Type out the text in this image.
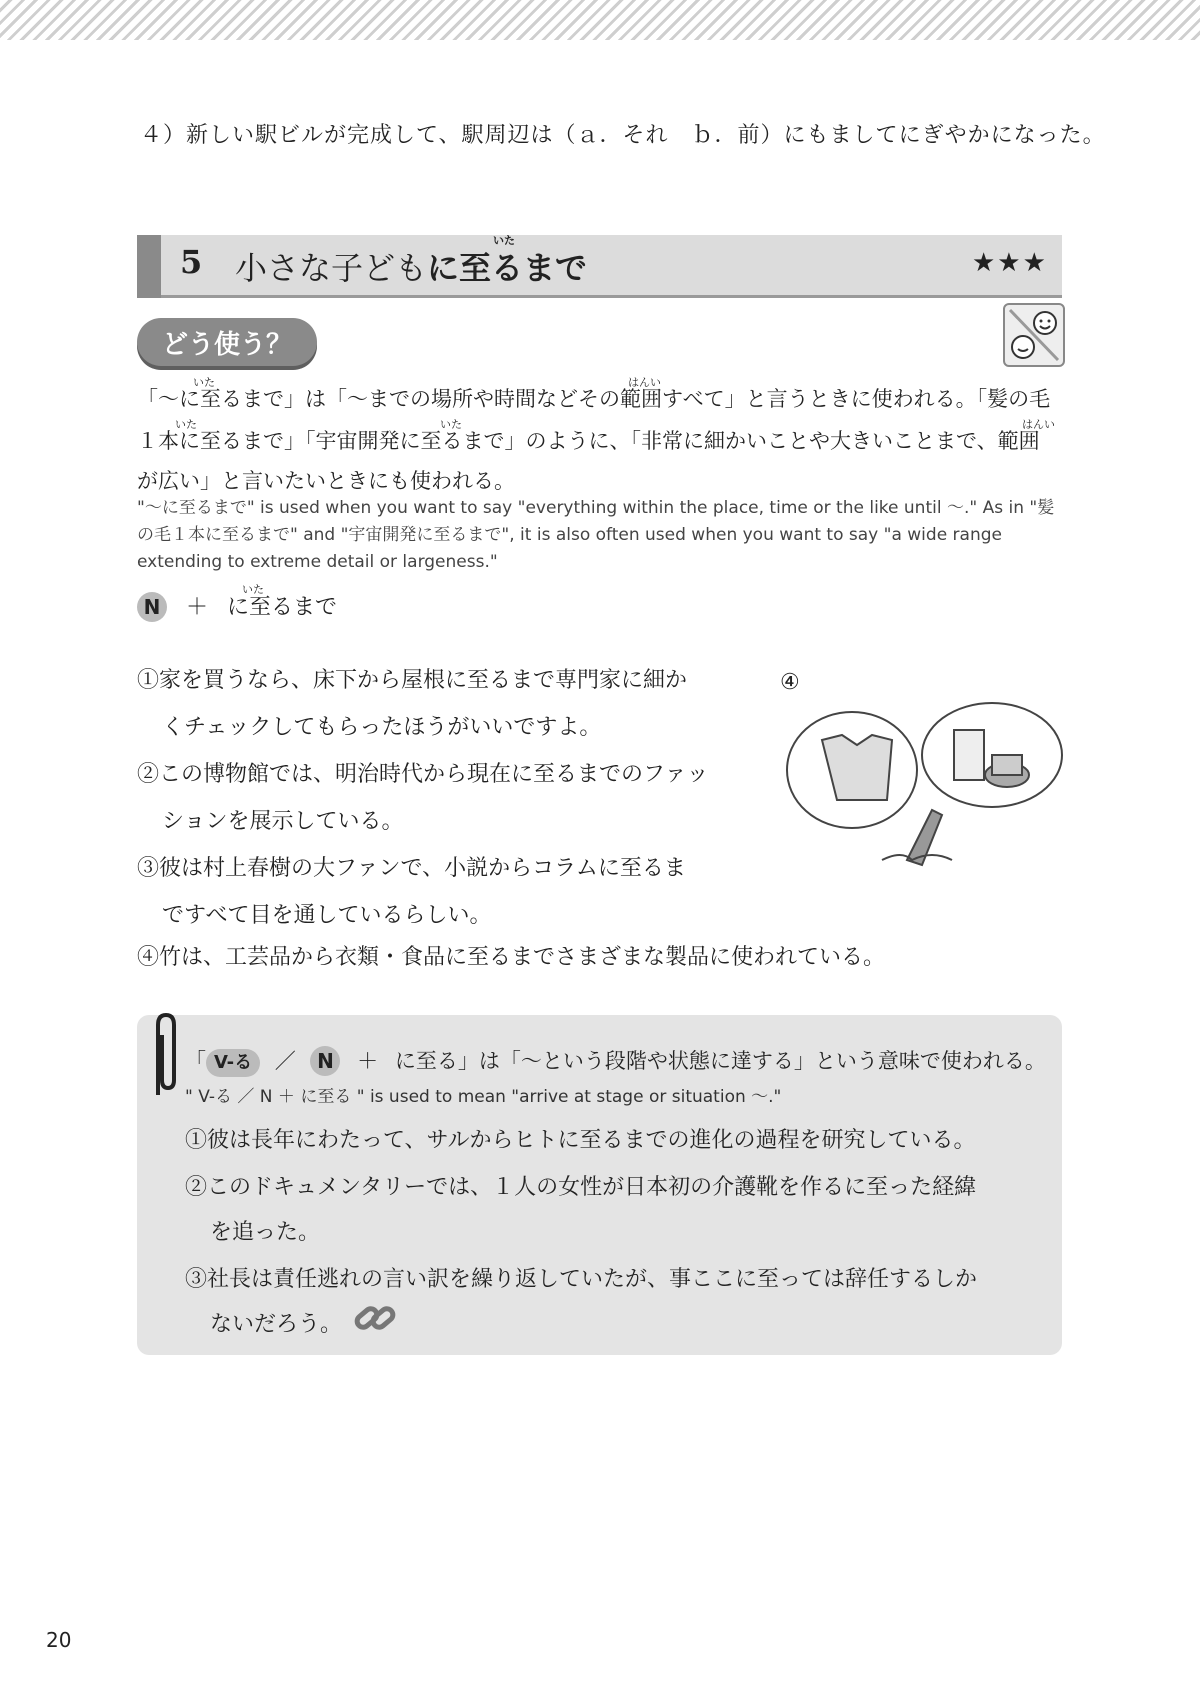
４）新しい駅ビルが完成して、駅周辺は（ａ．それ　ｂ．前）にもましてにぎやかになった。
5 小さな子どもに至るまで
いた
★★★
どう使う？
「〜に至るまで」は「〜までの場所や時間などその範囲すべて」と言うときに使われる。「髪の毛
いた	はんい
１本に至るまで」「宇宙開発に至るまで」のように、「非常に細かいことや大きいことまで、範囲
いた	いた	はんい
が広い」と言いたいときにも使われる。
"〜に至るまで" is used when you want to say "everything within the place, time or the like until 〜." As in "髪の毛１本に至るまで" and "宇宙開発に至るまで", it is also often used when you want to say "a wide range extending to extreme detail or largeness."
N ＋ に至るまで
いた
①家を買うなら、床下から屋根に至るまで専門家に細か
くチェックしてもらったほうがいいですよ。
②この博物館では、明治時代から現在に至るまでのファッ
ションを展示している。
③彼は村上春樹の大ファンで、小説からコラムに至るま
ですべて目を通しているらしい。
④竹は、工芸品から衣類・食品に至るまでさまざまな製品に使われている。
④
「 V-る ／ N ＋ に至る」は「〜という段階や状態に達する」という意味で使われる。
" V-る ／ N ＋ に至る " is used to mean "arrive at stage or situation 〜."
①彼は長年にわたって、サルからヒトに至るまでの進化の過程を研究している。
②このドキュメンタリーでは、１人の女性が日本初の介護靴を作るに至った経緯
を追った。
③社長は責任逃れの言い訳を繰り返していたが、事ここに至っては辞任するしか
ないだろう。
20
